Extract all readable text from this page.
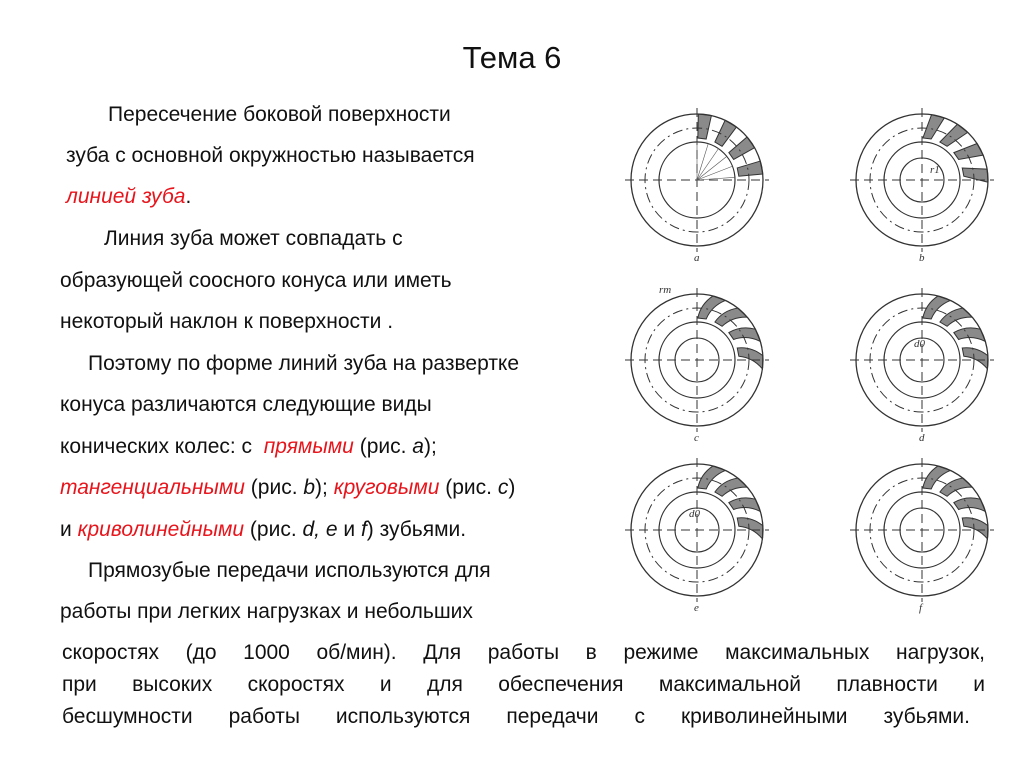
Тема 6
Пересечение боковой поверхности
зуба с основной окружностью называется
линией зуба.
Линия зуба может совпадать с
образующей соосного конуса или иметь
некоторый наклон к поверхности .
Поэтому по форме линий зуба на развертке
конуса различаются следующие виды
конических колес: с  прямыми (рис. a);
тангенциальными (рис. b); круговыми (рис. c)
и криволинейными (рис. d, e и f) зубьями.
Прямозубые передачи используются для
работы при легких нагрузках и небольших
скоростях (до 1000 об/мин). Для работы в режиме максимальных нагрузок,
при высоких скоростях и для обеспечения максимальной плавности и
бесшумности работы используются передачи с криволинейными зубьями.
a	b
r1
c
rm
d
d0
e
d0
f
